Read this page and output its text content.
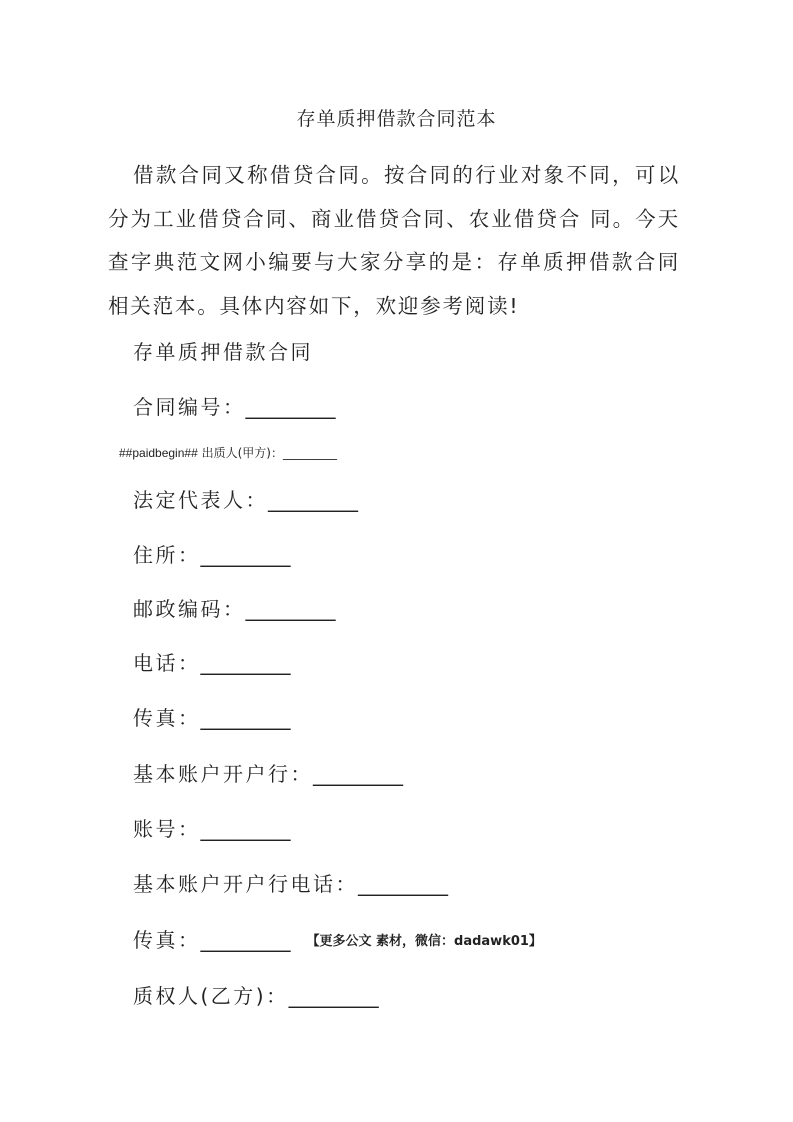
存单质押借款合同范本

借款合同又称借贷合同。按合同的行业对象不同，可以分为工业借贷合同、商业借贷合同、农业借贷合 同。今天查字典范文网小编要与大家分享的是：存单质押借款合同相关范本。具体内容如下，欢迎参考阅读!

存单质押借款合同
合同编号：_________
##paidbegin## 出质人(甲方)：_________
法定代表人：_________
住所：_________
邮政编码：_________
电话：_________
传真：_________
基本账户开户行：_________
账号：_________
基本账户开户行电话：_________
传真：_________ 【更多公文 素材，微信：dadawk01】
质权人(乙方)：_________
